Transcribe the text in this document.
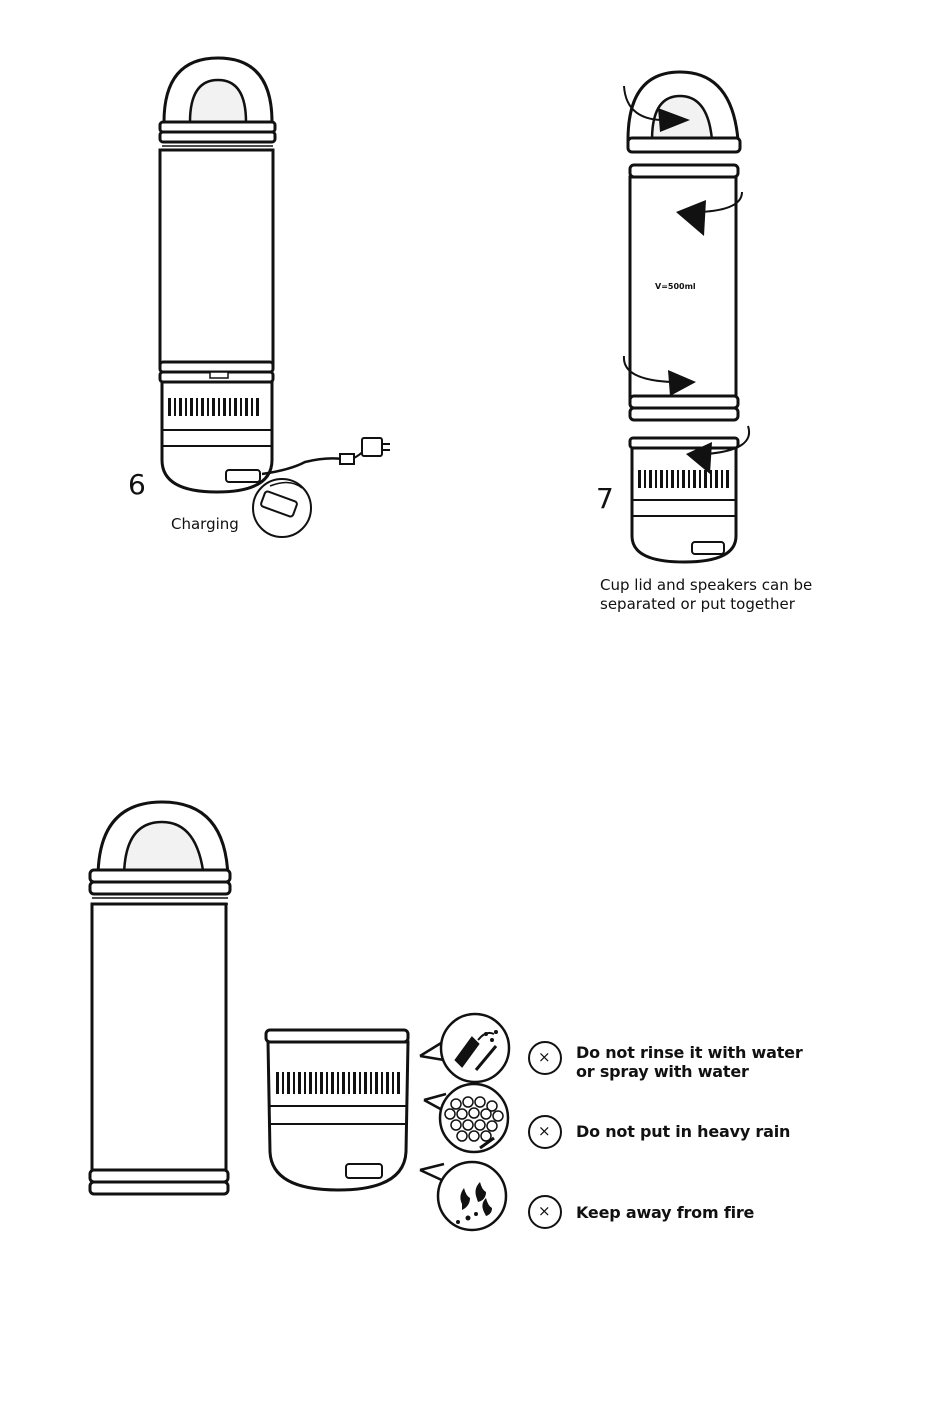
6
Charging
V=500ml
7
Cup lid and speakers can be
separated or put together
×
×
×
Do not rinse it with water
or spray with water
Do not put in heavy rain
Keep away from fire
